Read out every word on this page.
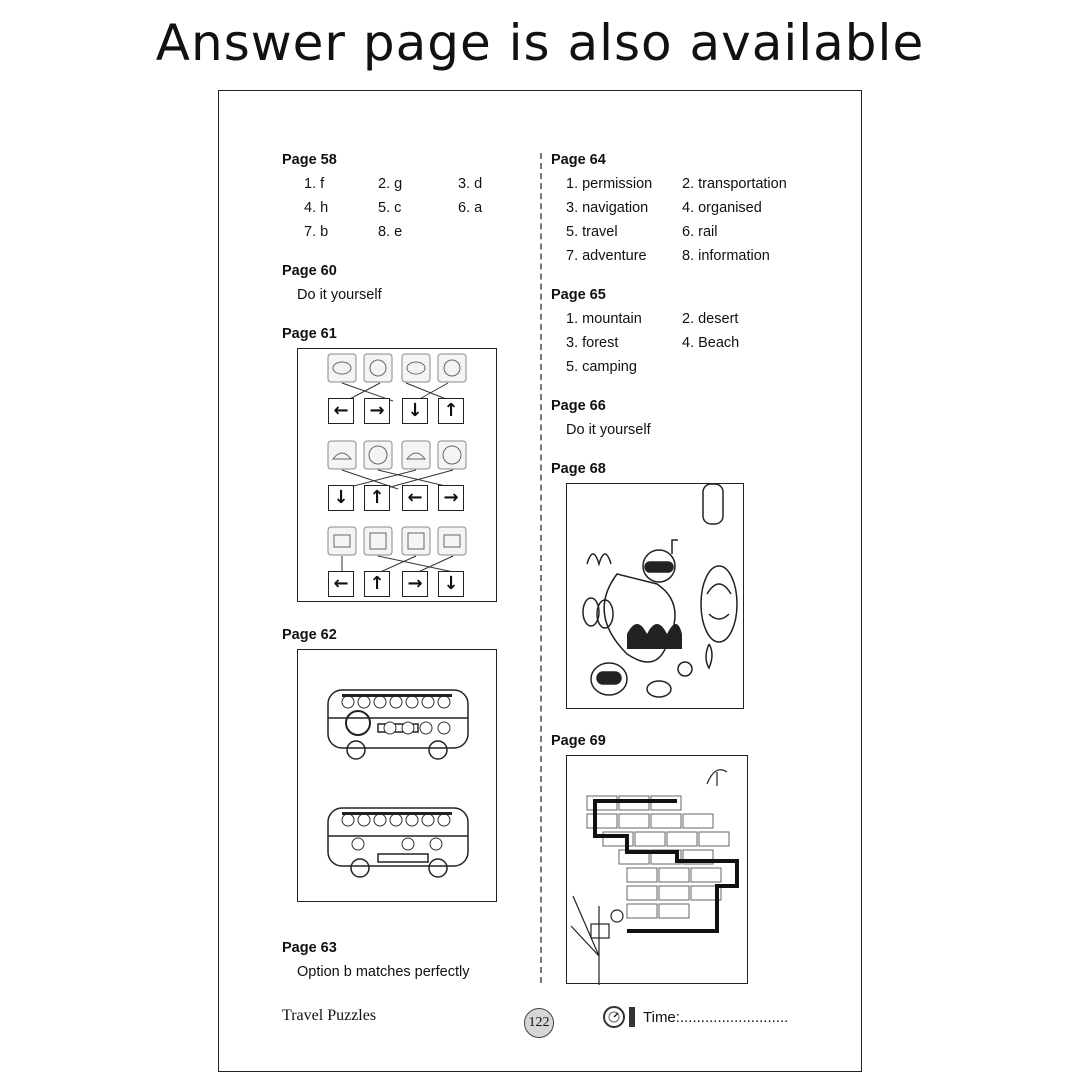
Answer page is also available
Page 58
1. f	2. g	3. d
4. h	5. c	6. a
7. b	8. e
Page 60
Do it yourself
Page 61
←	→	↓	↑
↓	↑	←	→
←	↑	→	↓
Page 62
Page 63
Option b matches perfectly
Page 64
1. permission 2. transportation
3. navigation 4. organised
5. travel	6. rail
7. adventure 8. information
Page 65
1. mountain	2. desert
3. forest	4. Beach
5. camping
Page 66
Do it yourself
Page 68
Page 69
Travel Puzzles	122	Time:..........................
